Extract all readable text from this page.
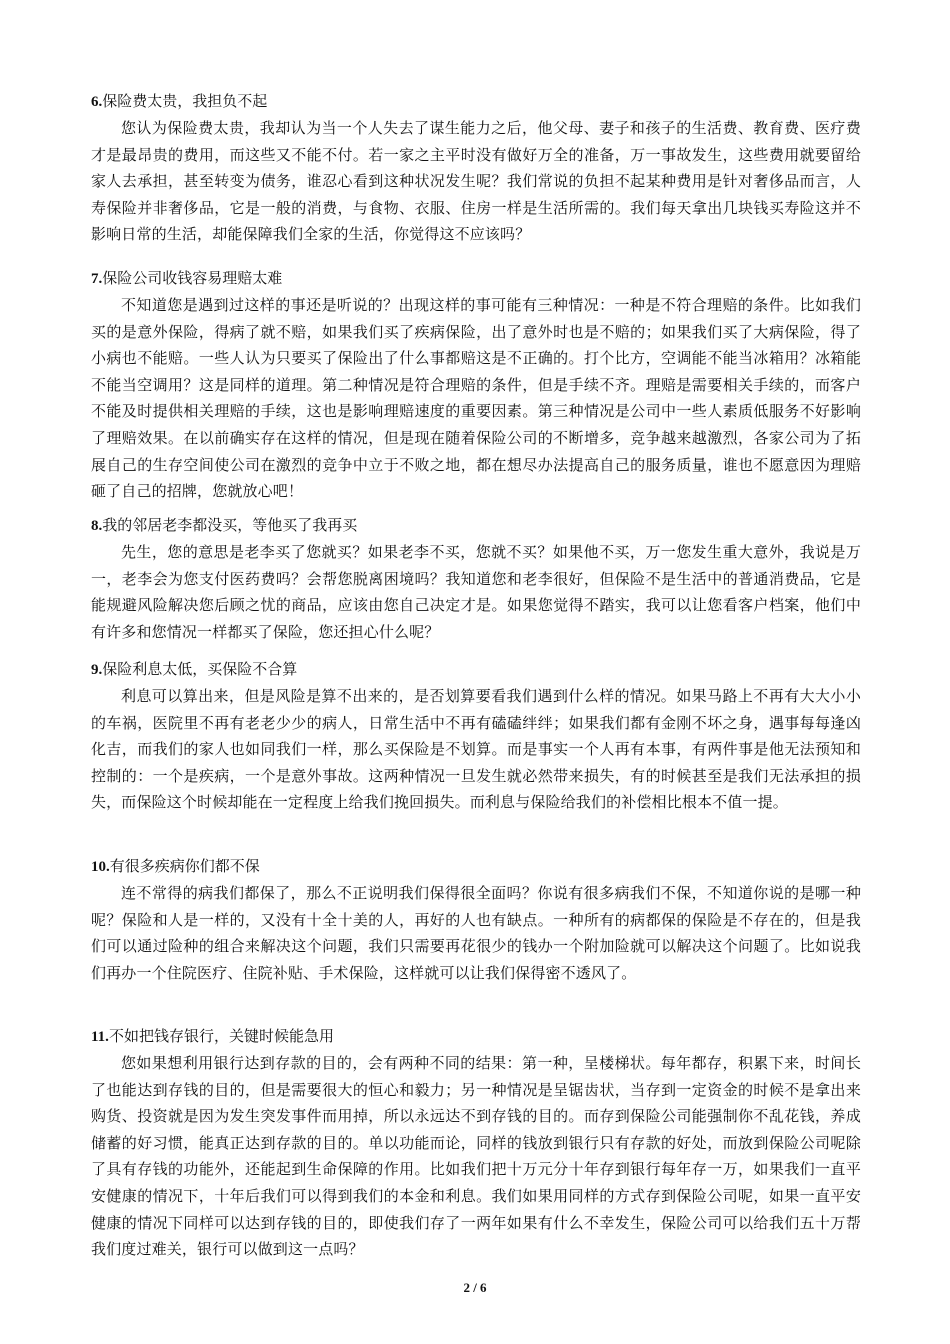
6.保险费太贵，我担负不起

您认为保险费太贵，我却认为当一个人失去了谋生能力之后，他父母、妻子和孩子的生活费、教育费、医疗费才是最昂贵的费用，而这些又不能不付。若一家之主平时没有做好万全的准备，万一事故发生，这些费用就要留给家人去承担，甚至转变为债务，谁忍心看到这种状况发生呢？我们常说的负担不起某种费用是针对奢侈品而言，人寿保险并非奢侈品，它是一般的消费，与食物、衣服、住房一样是生活所需的。我们每天拿出几块钱买寿险这并不影响日常的生活，却能保障我们全家的生活，你觉得这不应该吗？

7.保险公司收钱容易理赔太难

不知道您是遇到过这样的事还是听说的？出现这样的事可能有三种情况：一种是不符合理赔的条件。比如我们买的是意外保险，得病了就不赔，如果我们买了疾病保险，出了意外时也是不赔的；如果我们买了大病保险，得了小病也不能赔。一些人认为只要买了保险出了什么事都赔这是不正确的。打个比方，空调能不能当冰箱用？冰箱能不能当空调用？这是同样的道理。第二种情况是符合理赔的条件，但是手续不齐。理赔是需要相关手续的，而客户不能及时提供相关理赔的手续，这也是影响理赔速度的重要因素。第三种情况是公司中一些人素质低服务不好影响了理赔效果。在以前确实存在这样的情况，但是现在随着保险公司的不断增多，竞争越来越激烈，各家公司为了拓展自己的生存空间使公司在激烈的竞争中立于不败之地，都在想尽办法提高自己的服务质量，谁也不愿意因为理赔砸了自己的招牌，您就放心吧！

8.我的邻居老李都没买，等他买了我再买

先生，您的意思是老李买了您就买？如果老李不买，您就不买？如果他不买，万一您发生重大意外，我说是万一，老李会为您支付医药费吗？会帮您脱离困境吗？我知道您和老李很好，但保险不是生活中的普通消费品，它是能规避风险解决您后顾之忧的商品，应该由您自己决定才是。如果您觉得不踏实，我可以让您看客户档案，他们中有许多和您情况一样都买了保险，您还担心什么呢？

9.保险利息太低，买保险不合算

利息可以算出来，但是风险是算不出来的，是否划算要看我们遇到什么样的情况。如果马路上不再有大大小小的车祸，医院里不再有老老少少的病人，日常生活中不再有磕磕绊绊；如果我们都有金刚不坏之身，遇事每每逢凶化吉，而我们的家人也如同我们一样，那么买保险是不划算。而是事实一个人再有本事，有两件事是他无法预知和控制的：一个是疾病，一个是意外事故。这两种情况一旦发生就必然带来损失，有的时候甚至是我们无法承担的损失，而保险这个时候却能在一定程度上给我们挽回损失。而利息与保险给我们的补偿相比根本不值一提。

10.有很多疾病你们都不保

连不常得的病我们都保了，那么不正说明我们保得很全面吗？你说有很多病我们不保，不知道你说的是哪一种呢？保险和人是一样的，又没有十全十美的人，再好的人也有缺点。一种所有的病都保的保险是不存在的，但是我们可以通过险种的组合来解决这个问题，我们只需要再花很少的钱办一个附加险就可以解决这个问题了。比如说我们再办一个住院医疗、住院补贴、手术保险，这样就可以让我们保得密不透风了。

11.不如把钱存银行，关键时候能急用

您如果想利用银行达到存款的目的，会有两种不同的结果：第一种，呈楼梯状。每年都存，积累下来，时间长了也能达到存钱的目的，但是需要很大的恒心和毅力；另一种情况是呈锯齿状，当存到一定资金的时候不是拿出来购货、投资就是因为发生突发事件而用掉，所以永远达不到存钱的目的。而存到保险公司能强制你不乱花钱，养成储蓄的好习惯，能真正达到存款的目的。单以功能而论，同样的钱放到银行只有存款的好处，而放到保险公司呢除了具有存钱的功能外，还能起到生命保障的作用。比如我们把十万元分十年存到银行每年存一万，如果我们一直平安健康的情况下，十年后我们可以得到我们的本金和利息。我们如果用同样的方式存到保险公司呢，如果一直平安健康的情况下同样可以达到存钱的目的，即使我们存了一两年如果有什么不幸发生，保险公司可以给我们五十万帮我们度过难关，银行可以做到这一点吗？

2 / 6
